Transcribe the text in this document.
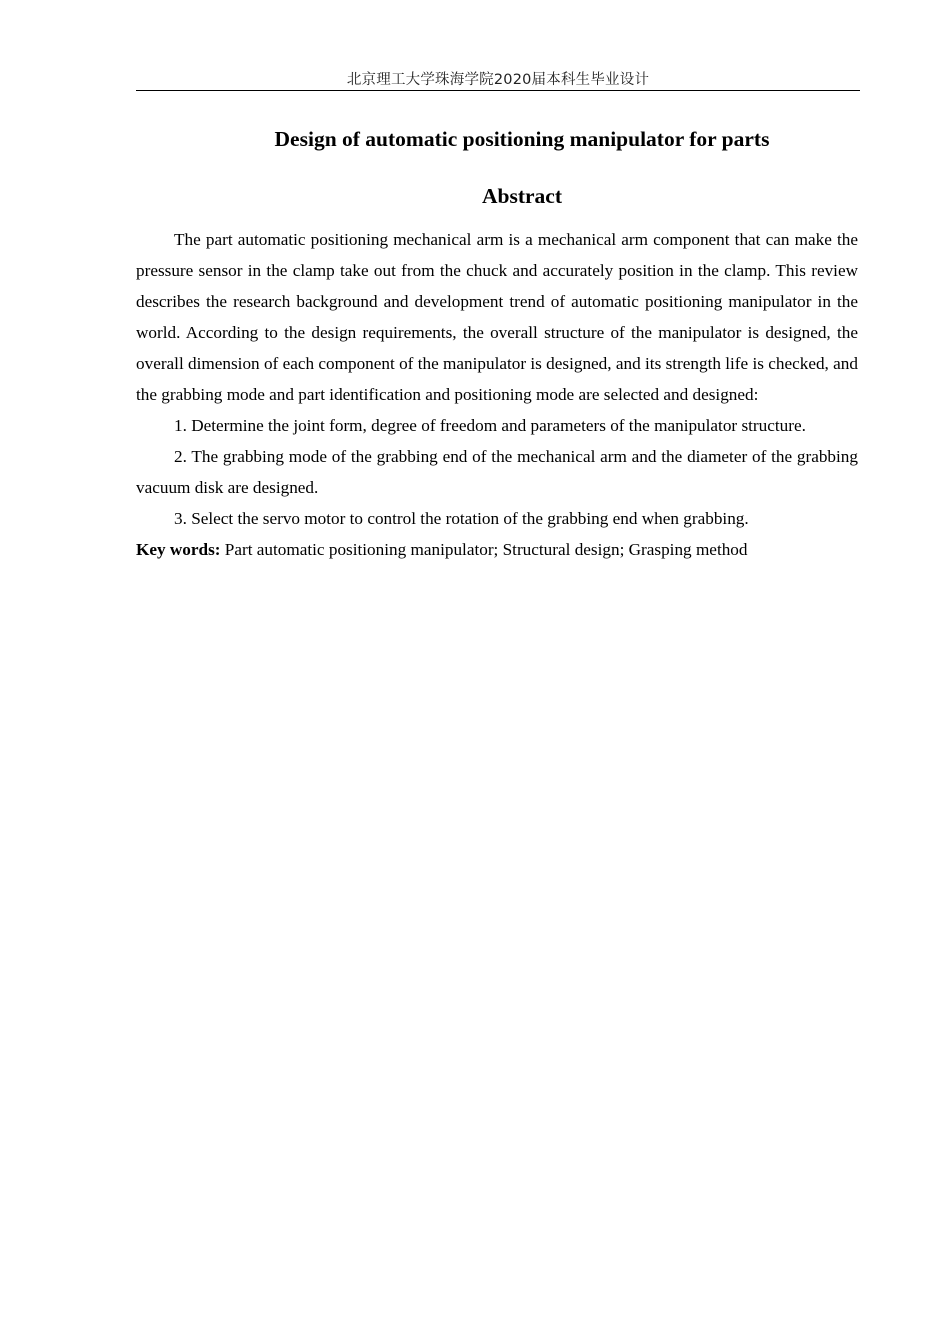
北京理工大学珠海学院2020届本科生毕业设计
Design of automatic positioning manipulator for parts
Abstract

The part automatic positioning mechanical arm is a mechanical arm component that can make the pressure sensor in the clamp take out from the chuck and accurately position in the clamp. This review describes the research background and development trend of automatic positioning manipulator in the world. According to the design requirements, the overall structure of the manipulator is designed, the overall dimension of each component of the manipulator is designed, and its strength life is checked, and the grabbing mode and part identification and positioning mode are selected and designed:

1. Determine the joint form, degree of freedom and parameters of the manipulator structure.

2. The grabbing mode of the grabbing end of the mechanical arm and the diameter of the grabbing vacuum disk are designed.

3. Select the servo motor to control the rotation of the grabbing end when grabbing.

Key words: Part automatic positioning manipulator; Structural design; Grasping method
